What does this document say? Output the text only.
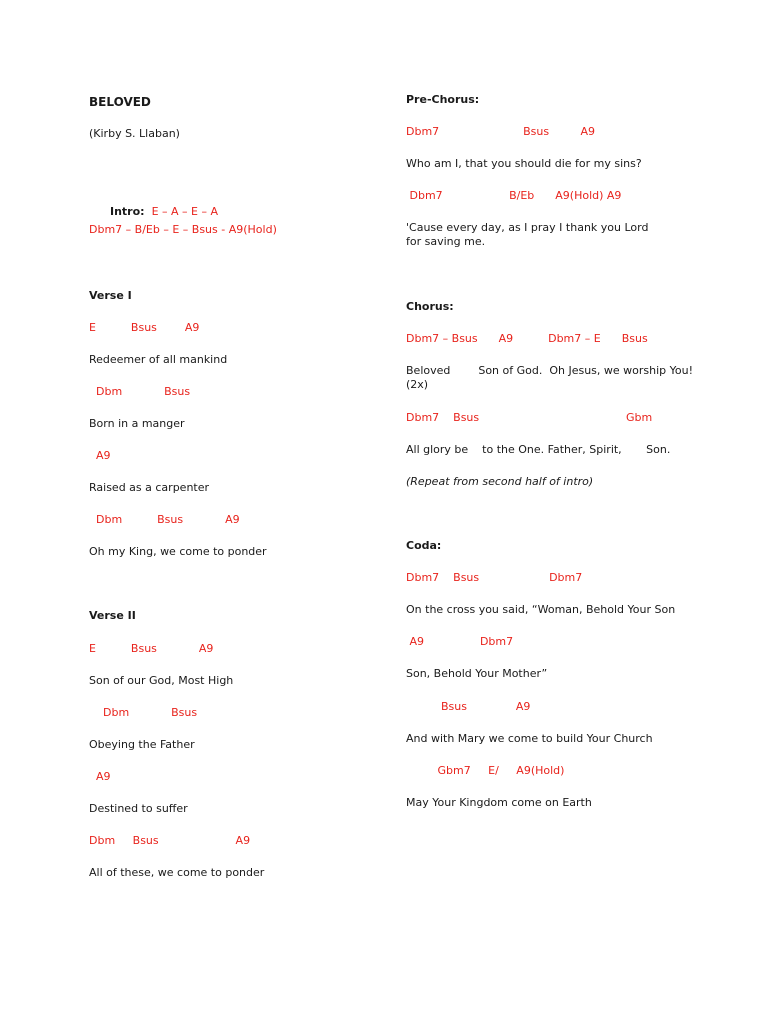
BELOVED
(Kirby S. Llaban)

Intro: E – A – E – A

Dbm7 – B/Eb – E – Bsus - A9(Hold)
Verse I
E          Bsus        A9
Redeemer of all mankind
Dbm            Bsus
Born in a manger
A9
Raised as a carpenter
Dbm          Bsus            A9
Oh my King, we come to ponder
Verse II
E          Bsus            A9
Son of our God, Most High
Dbm            Bsus
Obeying the Father
A9
Destined to suffer
Dbm     Bsus                      A9
All of these, we come to ponder
Pre-Chorus:
Dbm7                        Bsus         A9
Who am I, that you should die for my sins?
Dbm7                   B/Eb      A9(Hold) A9
'Cause every day, as I pray I thank you Lord for saving me.
Chorus:
Dbm7 – Bsus      A9          Dbm7 – E      Bsus
Beloved        Son of God.  Oh Jesus, we worship You! (2x)
Dbm7    Bsus                                          Gbm
All glory be    to the One. Father, Spirit,       Son.
(Repeat from second half of intro)
Coda:
Dbm7    Bsus                    Dbm7
On the cross you said, “Woman, Behold Your Son
A9                Dbm7
Son, Behold Your Mother”
Bsus              A9
And with Mary we come to build Your Church
Gbm7     E/     A9(Hold)
May Your Kingdom come on Earth
